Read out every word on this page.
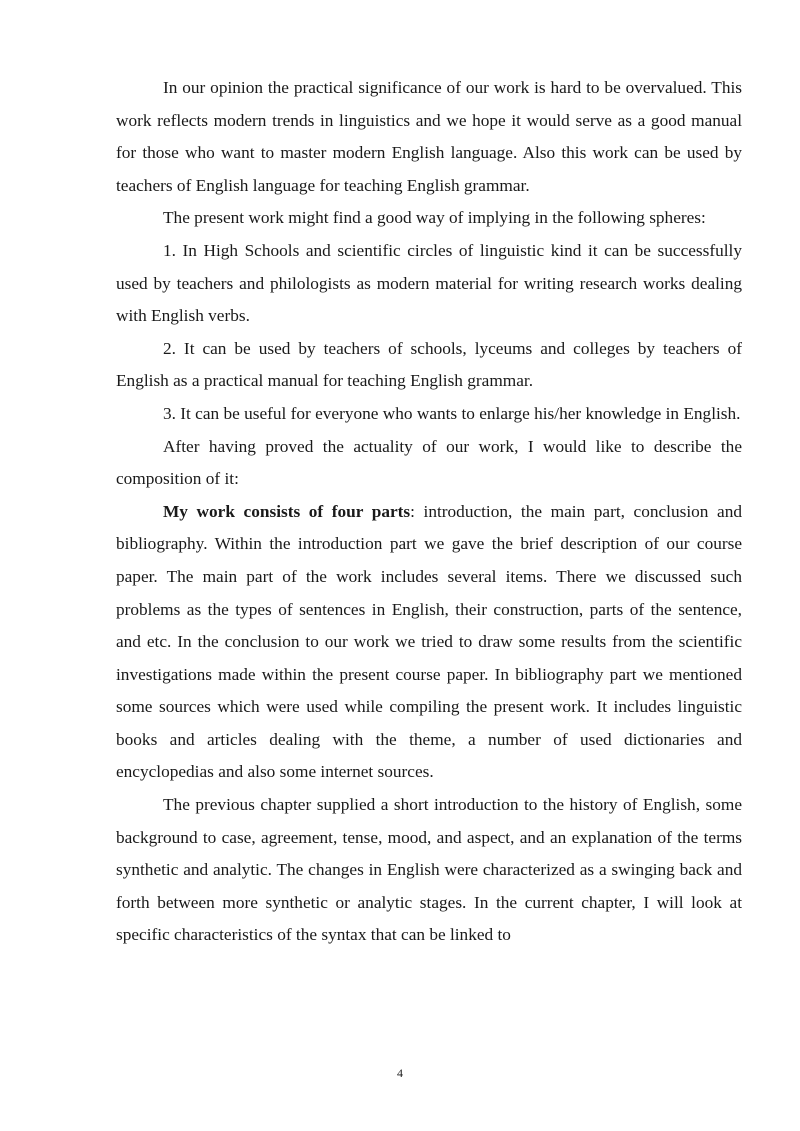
In our opinion the practical significance of our work is hard to be overvalued. This work reflects modern trends in linguistics and we hope it would serve as a good manual for those who want to master modern English language. Also this work can be used by teachers of English language for teaching English grammar.

The present work might find a good way of implying in the following spheres:

1. In High Schools and scientific circles of linguistic kind it can be successfully used by teachers and philologists as modern material for writing research works dealing with English verbs.

2. It can be used by teachers of schools, lyceums and colleges by teachers of English as a practical manual for teaching English grammar.

3. It can be useful for everyone who wants to enlarge his/her knowledge in English.

After having proved the actuality of our work, I would like to describe the composition of it:

My work consists of four parts: introduction, the main part, conclusion and bibliography. Within the introduction part we gave the brief description of our course paper. The main part of the work includes several items. There we discussed such problems as the types of sentences in English, their construction, parts of the sentence, and etc. In the conclusion to our work we tried to draw some results from the scientific investigations made within the present course paper. In bibliography part we mentioned some sources which were used while compiling the present work. It includes linguistic books and articles dealing with the theme, a number of used dictionaries and encyclopedias and also some internet sources.

The previous chapter supplied a short introduction to the history of English, some background to case, agreement, tense, mood, and aspect, and an explanation of the terms synthetic and analytic. The changes in English were characterized as a swinging back and forth between more synthetic or analytic stages. In the current chapter, I will look at specific characteristics of the syntax that can be linked to

4
